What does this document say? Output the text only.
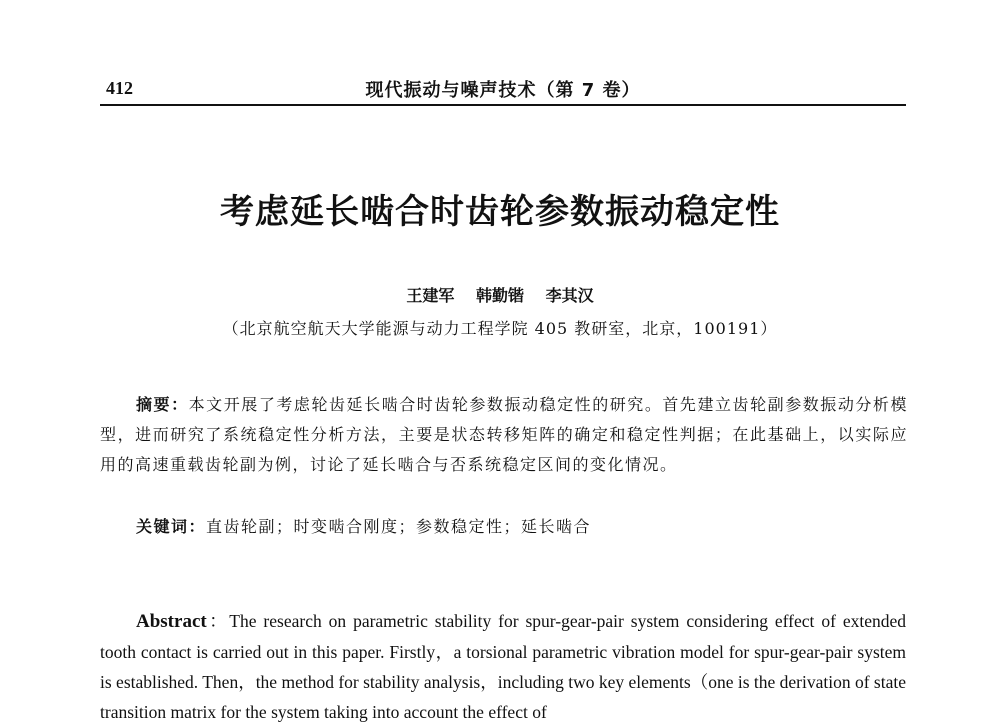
412	现代振动与噪声技术（第 7 卷）
考虑延长啮合时齿轮参数振动稳定性
王建军 韩勤锴 李其汉
（北京航空航天大学能源与动力工程学院 405 教研室，北京，100191）
摘要：本文开展了考虑轮齿延长啮合时齿轮参数振动稳定性的研究。首先建立齿轮副参数振动分析模型，进而研究了系统稳定性分析方法，主要是状态转移矩阵的确定和稳定性判据；在此基础上，以实际应用的高速重载齿轮副为例，讨论了延长啮合与否系统稳定区间的变化情况。
关键词：直齿轮副；时变啮合刚度；参数稳定性；延长啮合
Abstract：The research on parametric stability for spur-gear-pair system considering effect of extended tooth contact is carried out in this paper. Firstly，a torsional parametric vibration model for spur-gear-pair system is established. Then，the method for stability analysis，including two key elements（one is the derivation of state transition matrix for the system taking into account the effect of
